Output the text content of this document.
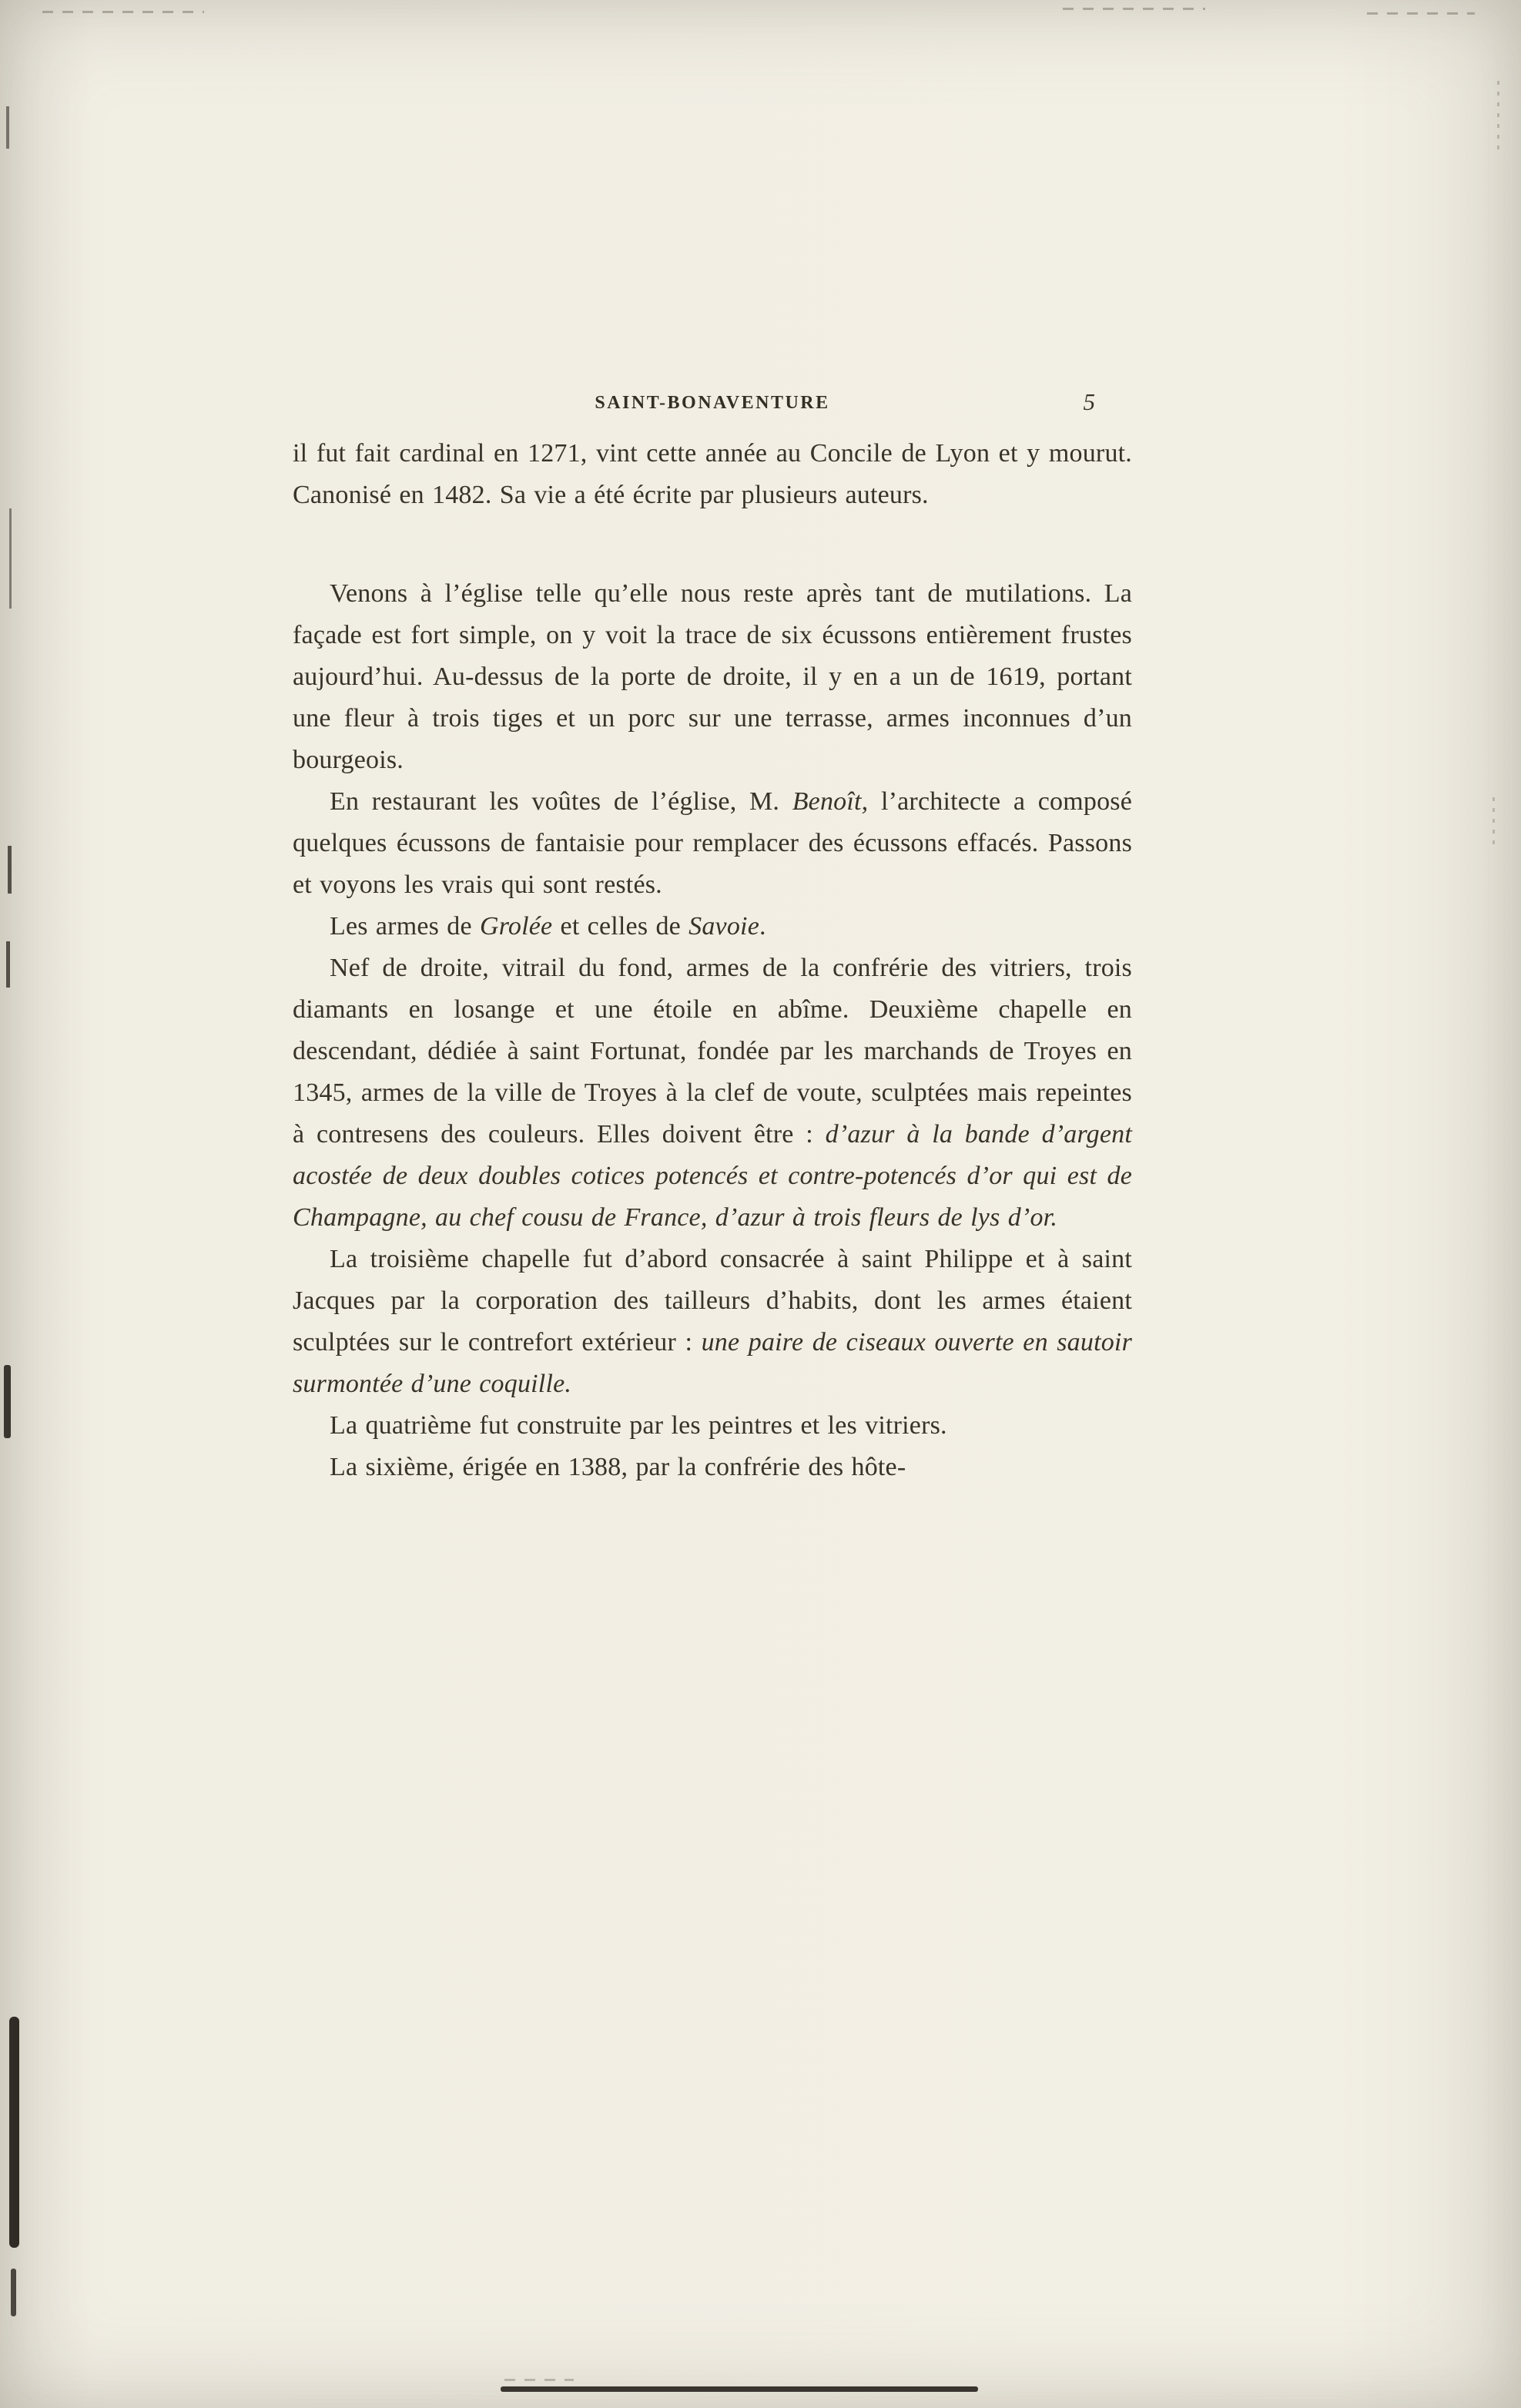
SAINT-BONAVENTURE	5

il fut fait cardinal en 1271, vint cette année au Concile de Lyon et y mourut. Canonisé en 1482. Sa vie a été écrite par plusieurs auteurs.

Venons à l’église telle qu’elle nous reste après tant de mutilations. La façade est fort simple, on y voit la trace de six écussons entièrement frustes aujourd’hui. Au-dessus de la porte de droite, il y en a un de 1619, portant une fleur à trois tiges et un porc sur une terrasse, armes inconnues d’un bourgeois.

En restaurant les voûtes de l’église, M. Benoît, l’architecte a composé quelques écussons de fantaisie pour remplacer des écussons effacés. Passons et voyons les vrais qui sont restés.

Les armes de Grolée et celles de Savoie.

Nef de droite, vitrail du fond, armes de la confrérie des vitriers, trois diamants en losange et une étoile en abîme. Deuxième chapelle en descendant, dédiée à saint Fortunat, fondée par les marchands de Troyes en 1345, armes de la ville de Troyes à la clef de voute, sculptées mais repeintes à contresens des couleurs. Elles doivent être : d’azur à la bande d’argent acostée de deux doubles cotices potencés et contre-potencés d’or qui est de Champagne, au chef cousu de France, d’azur à trois fleurs de lys d’or.

La troisième chapelle fut d’abord consacrée à saint Philippe et à saint Jacques par la corporation des tailleurs d’habits, dont les armes étaient sculptées sur le contrefort extérieur : une paire de ciseaux ouverte en sautoir surmontée d’une coquille.

La quatrième fut construite par les peintres et les vitriers.

La sixième, érigée en 1388, par la confrérie des hôte-
